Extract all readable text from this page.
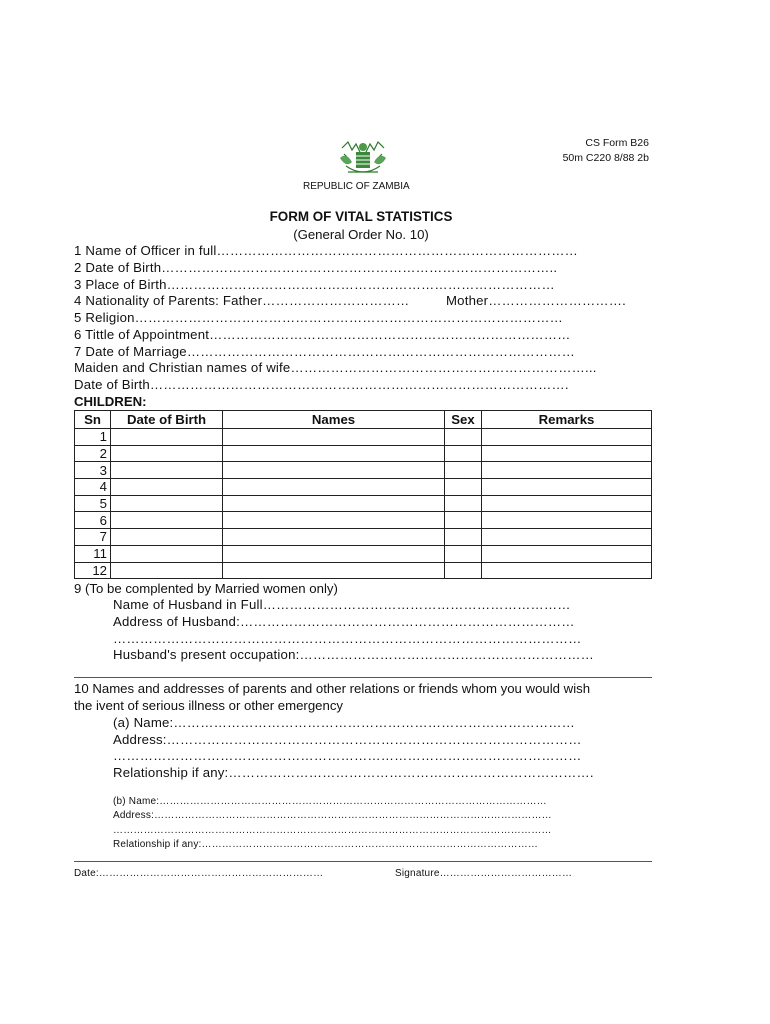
CS Form B26
50m C220 8/88 2b
REPUBLIC OF ZAMBIA
FORM OF VITAL STATISTICS
(General Order No. 10)
1 Name of Officer in full………………………………………………………………………
2 Date of Birth……………………………………………………………………………..
3 Place of Birth……………………………………………………………………………
4 Nationality of Parents: Father……………………………	Mother………………………….
5 Religion……………………………………………………………………………………
6 Tittle of Appointment………………………………………………………………………
7 Date of Marriage……………………………………………………………………………
Maiden and Christian names of wife…………………………………………………………...
Date of Birth………………………………………………………………………………….
CHILDREN:
Sn	Date of Birth	Names	Sex	Remarks
1				
2				
3				
4				
5				
6				
7				
11				
12				
9 (To be complented by Married women only)
Name of Husband in Full……………………………………………………………
Address of Husband:…………………………………………………………………
……………………………………………………………………………………………
Husband's present occupation:…………………………………………………………
10 Names and addresses of parents and other relations or friends whom you would wish
the ivent of serious illness or other emergency
(a) Name:………………………………………………………………………………
Address:…………………………………………………………………………………
……………………………………………………………………………………………
Relationship if any:……………………………………………………………………….
(b) Name:……………………………………………………………………………………………………
Address:………………………………………………………………………………………………………
…………………………………………………………………………………………………………………
Relationship if any:………………………………………………………………………………………
Date:…………………………………………………………	Signature…………………………………
